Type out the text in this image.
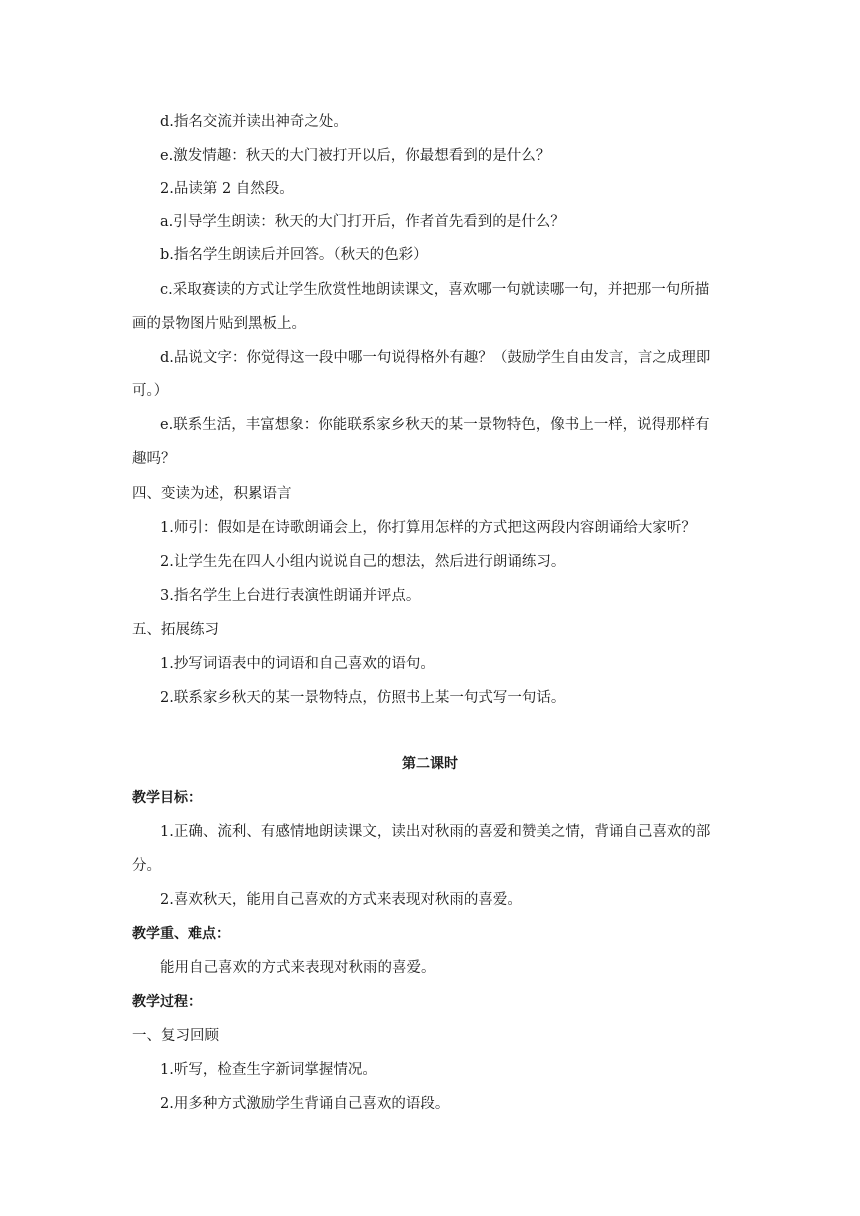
d.指名交流并读出神奇之处。
e.激发情趣：秋天的大门被打开以后，你最想看到的是什么？
2.品读第 2 自然段。
a.引导学生朗读：秋天的大门打开后，作者首先看到的是什么？
b.指名学生朗读后并回答。（秋天的色彩）
c.采取赛读的方式让学生欣赏性地朗读课文，喜欢哪一句就读哪一句，并把那一句所描
画的景物图片贴到黑板上。
d.品说文字：你觉得这一段中哪一句说得格外有趣？（鼓励学生自由发言，言之成理即
可。）
e.联系生活，丰富想象：你能联系家乡秋天的某一景物特色，像书上一样，说得那样有
趣吗？
四、变读为述，积累语言
1.师引：假如是在诗歌朗诵会上，你打算用怎样的方式把这两段内容朗诵给大家听？
2.让学生先在四人小组内说说自己的想法，然后进行朗诵练习。
3.指名学生上台进行表演性朗诵并评点。
五、拓展练习
1.抄写词语表中的词语和自己喜欢的语句。
2.联系家乡秋天的某一景物特点，仿照书上某一句式写一句话。
第二课时
教学目标：
1.正确、流利、有感情地朗读课文，读出对秋雨的喜爱和赞美之情，背诵自己喜欢的部
分。
2.喜欢秋天，能用自己喜欢的方式来表现对秋雨的喜爱。
教学重、难点：
能用自己喜欢的方式来表现对秋雨的喜爱。
教学过程：
一、复习回顾
1.听写，检查生字新词掌握情况。
2.用多种方式激励学生背诵自己喜欢的语段。
